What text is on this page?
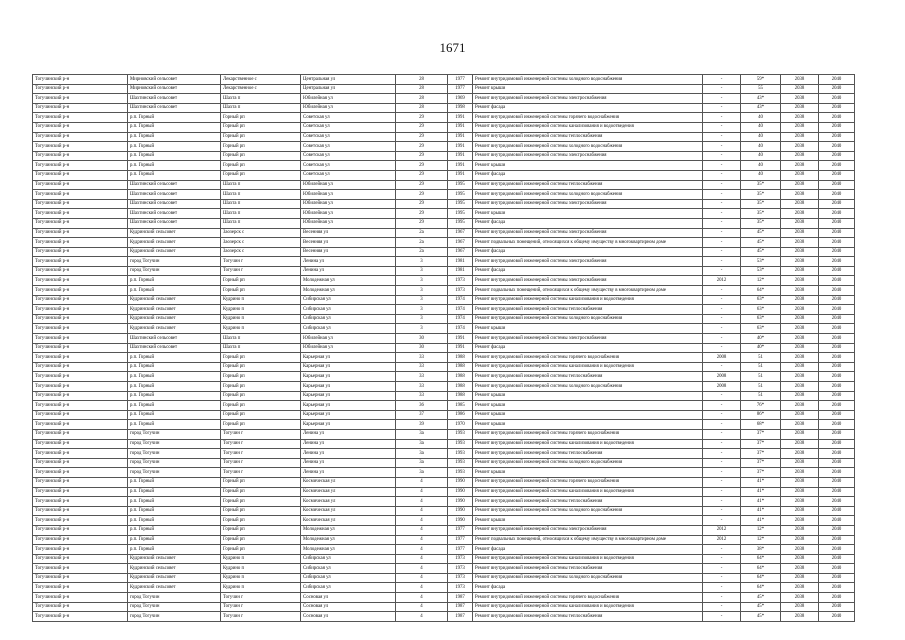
1671
Тогучинский р-н	Мирновский сельсовет	Лекарственное с	Центральная ул	28	1977	Ремонт внутридомовой инженерной системы холодного водоснабжения	-	59*	2038	2040
Тогучинский р-н	Мирновский сельсовет	Лекарственное с	Центральная ул	28	1977	Ремонт крыши	-	55	2038	2040
Тогучинский р-н	Шахтинский сельсовет	Шахта п	Юбилейная ул	28	1969	Ремонт внутридомовой инженерной системы электроснабжения	-	43*	2038	2040
Тогучинский р-н	Шахтинский сельсовет	Шахта п	Юбилейная ул	28	1998	Ремонт фасада	-	43*	2038	2040
Тогучинский р-н	р.п. Горный	Горный рп	Советская ул	29	1991	Ремонт внутридомовой инженерной системы горячего водоснабжения	-	40	2038	2040
Тогучинский р-н	р.п. Горный	Горный рп	Советская ул	29	1991	Ремонт внутридомовой инженерной системы канализования и водоотведения	-	40	2038	2040
Тогучинский р-н	р.п. Горный	Горный рп	Советская ул	29	1991	Ремонт внутридомовой инженерной системы теплоснабжения	-	40	2038	2040
Тогучинский р-н	р.п. Горный	Горный рп	Советская ул	29	1991	Ремонт внутридомовой инженерной системы холодного водоснабжения	-	40	2038	2040
Тогучинский р-н	р.п. Горный	Горный рп	Советская ул	29	1991	Ремонт внутридомовой инженерной системы электроснабжения	-	40	2038	2040
Тогучинский р-н	р.п. Горный	Горный рп	Советская ул	29	1991	Ремонт крыши	-	40	2038	2040
Тогучинский р-н	р.п. Горный	Горный рп	Советская ул	29	1991	Ремонт фасада	-	40	2038	2040
Тогучинский р-н	Шахтинский сельсовет	Шахта п	Юбилейная ул	29	1995	Ремонт внутридомовой инженерной системы теплоснабжения	-	35*	2038	2040
Тогучинский р-н	Шахтинский сельсовет	Шахта п	Юбилейная ул	29	1995	Ремонт внутридомовой инженерной системы холодного водоснабжения	-	35*	2038	2040
Тогучинский р-н	Шахтинский сельсовет	Шахта п	Юбилейная ул	29	1995	Ремонт внутридомовой инженерной системы электроснабжения	-	35*	2038	2040
Тогучинский р-н	Шахтинский сельсовет	Шахта п	Юбилейная ул	29	1995	Ремонт крыши	-	35*	2038	2040
Тогучинский р-н	Шахтинский сельсовет	Шахта п	Юбилейная ул	29	1995	Ремонт фасада	-	35*	2038	2040
Тогучинский р-н	Кудринский сельсовет	Заозерск с	Весенняя ул	2а	1967	Ремонт внутридомовой инженерной системы электроснабжения	-	45*	2038	2040
Тогучинский р-н	Кудринский сельсовет	Заозерск с	Весенняя ул	2а	1967	Ремонт подвальных помещений, относящихся к общему имуществу в многоквартирном доме	-	45*	2038	2040
Тогучинский р-н	Кудринский сельсовет	Заозерск с	Весенняя ул	2а	1967	Ремонт фасада	-	45*	2038	2040
Тогучинский р-н	город Тогучин	Тогучин г	Ленина ул	3	1981	Ремонт внутридомовой инженерной системы электроснабжения	-	53*	2038	2040
Тогучинский р-н	город Тогучин	Тогучин г	Ленина ул	3	1981	Ремонт фасада	-	53*	2038	2040
Тогучинский р-н	р.п. Горный	Горный рп	Молодежная ул	3	1973	Ремонт внутридомовой инженерной системы электроснабжения	2012	12*	2038	2040
Тогучинский р-н	р.п. Горный	Горный рп	Молодежная ул	3	1973	Ремонт подвальных помещений, относящихся к общему имуществу в многоквартирном доме	-	64*	2038	2040
Тогучинский р-н	Кудринский сельсовет	Кудрино п	Сибирская ул	3	1974	Ремонт внутридомовой инженерной системы канализования и водоотведения	-	63*	2038	2040
Тогучинский р-н	Кудринский сельсовет	Кудрино п	Сибирская ул	3	1974	Ремонт внутридомовой инженерной системы теплоснабжения	-	63*	2038	2040
Тогучинский р-н	Кудринский сельсовет	Кудрино п	Сибирская ул	3	1974	Ремонт внутридомовой инженерной системы холодного водоснабжения	-	63*	2038	2040
Тогучинский р-н	Кудринский сельсовет	Кудрино п	Сибирская ул	3	1974	Ремонт крыши	-	63*	2038	2040
Тогучинский р-н	Шахтинский сельсовет	Шахта п	Юбилейная ул	30	1991	Ремонт внутридомовой инженерной системы электроснабжения	-	40*	2038	2040
Тогучинский р-н	Шахтинский сельсовет	Шахта п	Юбилейная ул	30	1991	Ремонт фасада	-	40*	2038	2040
Тогучинский р-н	р.п. Горный	Горный рп	Карьерная ул	33	1988	Ремонт внутридомовой инженерной системы горячего водоснабжения	2008	51	2038	2040
Тогучинский р-н	р.п. Горный	Горный рп	Карьерная ул	33	1988	Ремонт внутридомовой инженерной системы канализования и водоотведения	-	51	2038	2040
Тогучинский р-н	р.п. Горный	Горный рп	Карьерная ул	33	1988	Ремонт внутридомовой инженерной системы теплоснабжения	2008	51	2038	2040
Тогучинский р-н	р.п. Горный	Горный рп	Карьерная ул	33	1988	Ремонт внутридомовой инженерной системы холодного водоснабжения	2008	51	2038	2040
Тогучинский р-н	р.п. Горный	Горный рп	Карьерная ул	33	1988	Ремонт крыши	-	51	2038	2040
Тогучинский р-н	р.п. Горный	Горный рп	Карьерная ул	36	1985	Ремонт крыши	-	76*	2038	2040
Тогучинский р-н	р.п. Горный	Горный рп	Карьерная ул	37	1986	Ремонт крыши	-	86*	2038	2040
Тогучинский р-н	р.п. Горный	Горный рп	Карьерная ул	39	1970	Ремонт крыши	-	68*	2038	2040
Тогучинский р-н	город Тогучин	Тогучин г	Ленина ул	3а	1993	Ремонт внутридомовой инженерной системы горячего водоснабжения	-	37*	2038	2040
Тогучинский р-н	город Тогучин	Тогучин г	Ленина ул	3а	1993	Ремонт внутридомовой инженерной системы канализования и водоотведения	-	37*	2038	2040
Тогучинский р-н	город Тогучин	Тогучин г	Ленина ул	3а	1993	Ремонт внутридомовой инженерной системы теплоснабжения	-	37*	2038	2040
Тогучинский р-н	город Тогучин	Тогучин г	Ленина ул	3а	1993	Ремонт внутридомовой инженерной системы холодного водоснабжения	-	37*	2038	2040
Тогучинский р-н	город Тогучин	Тогучин г	Ленина ул	3а	1993	Ремонт крыши	-	37*	2038	2040
Тогучинский р-н	р.п. Горный	Горный рп	Космическая ул	4	1990	Ремонт внутридомовой инженерной системы горячего водоснабжения	-	41*	2038	2040
Тогучинский р-н	р.п. Горный	Горный рп	Космическая ул	4	1990	Ремонт внутридомовой инженерной системы канализования и водоотведения	-	41*	2038	2040
Тогучинский р-н	р.п. Горный	Горный рп	Космическая ул	4	1990	Ремонт внутридомовой инженерной системы теплоснабжения	-	41*	2038	2040
Тогучинский р-н	р.п. Горный	Горный рп	Космическая ул	4	1990	Ремонт внутридомовой инженерной системы холодного водоснабжения	-	41*	2038	2040
Тогучинский р-н	р.п. Горный	Горный рп	Космическая ул	4	1990	Ремонт крыши	-	41*	2038	2040
Тогучинский р-н	р.п. Горный	Горный рп	Молодежная ул	4	1977	Ремонт внутридомовой инженерной системы электроснабжения	2012	12*	2038	2040
Тогучинский р-н	р.п. Горный	Горный рп	Молодежная ул	4	1977	Ремонт подвальных помещений, относящихся к общему имуществу в многоквартирном доме	2012	12*	2038	2040
Тогучинский р-н	р.п. Горный	Горный рп	Молодежная ул	4	1977	Ремонт фасада	-	38*	2038	2040
Тогучинский р-н	Кудринский сельсовет	Кудрино п	Сибирская ул	4	1973	Ремонт внутридомовой инженерной системы канализования и водоотведения	-	64*	2038	2040
Тогучинский р-н	Кудринский сельсовет	Кудрино п	Сибирская ул	4	1973	Ремонт внутридомовой инженерной системы теплоснабжения	-	64*	2038	2040
Тогучинский р-н	Кудринский сельсовет	Кудрино п	Сибирская ул	4	1973	Ремонт внутридомовой инженерной системы холодного водоснабжения	-	64*	2038	2040
Тогучинский р-н	Кудринский сельсовет	Кудрино п	Сибирская ул	4	1973	Ремонт фасада	-	64*	2038	2040
Тогучинский р-н	город Тогучин	Тогучин г	Сосновая ул	4	1987	Ремонт внутридомовой инженерной системы горячего водоснабжения	-	45*	2038	2040
Тогучинский р-н	город Тогучин	Тогучин г	Сосновая ул	4	1987	Ремонт внутридомовой инженерной системы канализования и водоотведения	-	45*	2038	2040
Тогучинский р-н	город Тогучин	Тогучин г	Сосновая ул	4	1987	Ремонт внутридомовой инженерной системы теплоснабжения	-	45*	2038	2040
